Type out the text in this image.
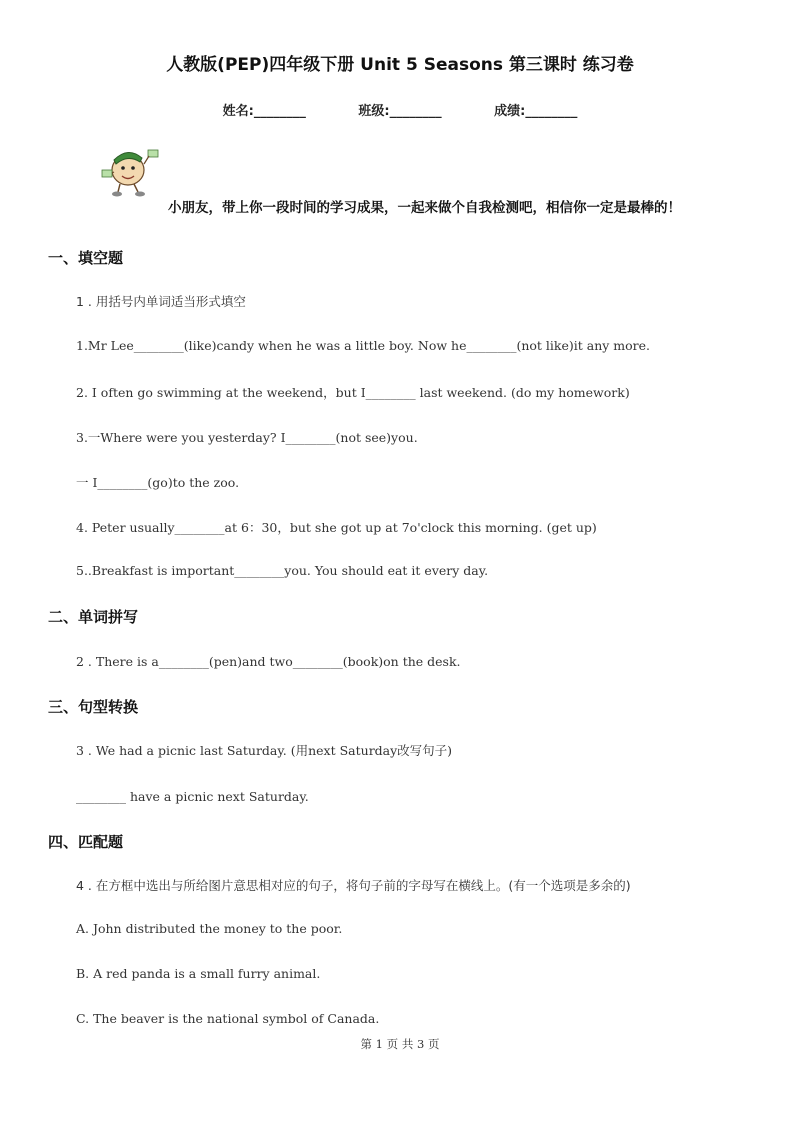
人教版(PEP)四年级下册 Unit 5 Seasons 第三课时 练习卷
姓名:________	班级:________	成绩:________
小朋友，带上你一段时间的学习成果，一起来做个自我检测吧，相信你一定是最棒的！
一、填空题
1 . 用括号内单词适当形式填空
1.Mr Lee________(like)candy when he was a little boy. Now he________(not like)it any more.
2. I often go swimming at the weekend，but I________ last weekend. (do my homework)
3.一Where were you yesterday? I________(not see)you.
一 I________(go)to the zoo.
4. Peter usually________at 6：30，but she got up at 7o'clock this morning. (get up)
5..Breakfast is important________you. You should eat it every day.
二、单词拼写
2 . There is a________(pen)and two________(book)on the desk.
三、句型转换
3 . We had a picnic last Saturday. (用next Saturday改写句子)
________ have a picnic next Saturday.
四、匹配题
4 . 在方框中选出与所给图片意思相对应的句子，将句子前的字母写在横线上。(有一个选项是多余的)
A. John distributed the money to the poor.
B. A red panda is a small furry animal.
C. The beaver is the national symbol of Canada.
第 1 页 共 3 页
